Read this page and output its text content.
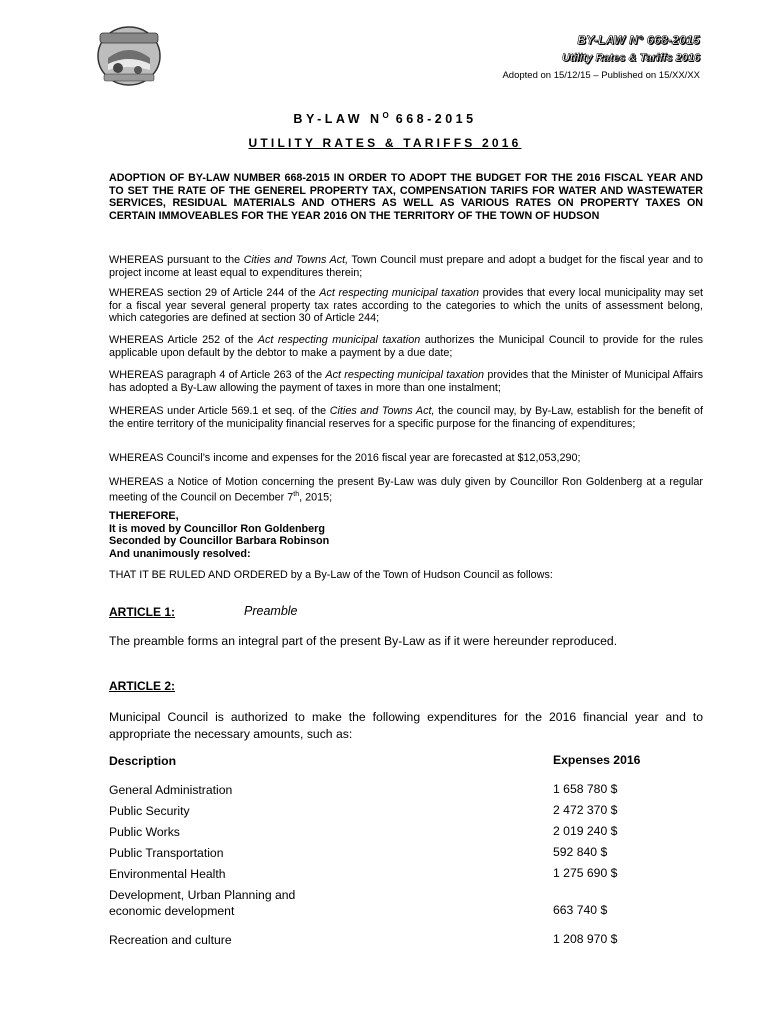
BY-LAW N° 668-2015
Utility Rates & Tariffs 2016
Adopted on 15/12/15 – Published on 15/XX/XX
BY-LAW $N^O$ 668-2015
UTILITY RATES & TARIFFS 2016
ADOPTION OF BY-LAW NUMBER 668-2015 IN ORDER TO ADOPT THE BUDGET FOR THE 2016 FISCAL YEAR AND TO SET THE RATE OF THE GENEREL PROPERTY TAX, COMPENSATION TARIFS FOR WATER AND WASTEWATER SERVICES, RESIDUAL MATERIALS AND OTHERS AS WELL AS VARIOUS RATES ON PROPERTY TAXES ON CERTAIN IMMOVEABLES FOR THE YEAR 2016 ON THE TERRITORY OF THE TOWN OF HUDSON
WHEREAS pursuant to the Cities and Towns Act, Town Council must prepare and adopt a budget for the fiscal year and to project income at least equal to expenditures therein;
WHEREAS section 29 of Article 244 of the Act respecting municipal taxation provides that every local municipality may set for a fiscal year several general property tax rates according to the categories to which the units of assessment belong, which categories are defined at section 30 of Article 244;
WHEREAS Article 252 of the Act respecting municipal taxation authorizes the Municipal Council to provide for the rules applicable upon default by the debtor to make a payment by a due date;
WHEREAS paragraph 4 of Article 263 of the Act respecting municipal taxation provides that the Minister of Municipal Affairs has adopted a By-Law allowing the payment of taxes in more than one instalment;
WHEREAS under Article 569.1 et seq. of the Cities and Towns Act, the council may, by By-Law, establish for the benefit of the entire territory of the municipality financial reserves for a specific purpose for the financing of expenditures;
WHEREAS Council’s income and expenses for the 2016 fiscal year are forecasted at $12,053,290;
WHEREAS a Notice of Motion concerning the present By-Law was duly given by Councillor Ron Goldenberg at a regular meeting of the Council on December 7th, 2015;
THEREFORE,
It is moved by Councillor Ron Goldenberg
Seconded by Councillor Barbara Robinson
And unanimously resolved:
THAT IT BE RULED AND ORDERED by a By-Law of the Town of Hudson Council as follows:
ARTICLE 1:	Preamble
The preamble forms an integral part of the present By-Law as if it were hereunder reproduced.
ARTICLE 2:
Municipal Council is authorized to make the following expenditures for the 2016 financial year and to appropriate the necessary amounts, such as:
Description	Expenses 2016
General Administration	1 658 780 $
Public Security	2 472 370 $
Public Works	2 019 240 $
Public Transportation	592 840 $
Environmental Health	1 275 690 $
Development, Urban Planning and
economic development	663 740 $
Recreation and culture	1 208 970 $
